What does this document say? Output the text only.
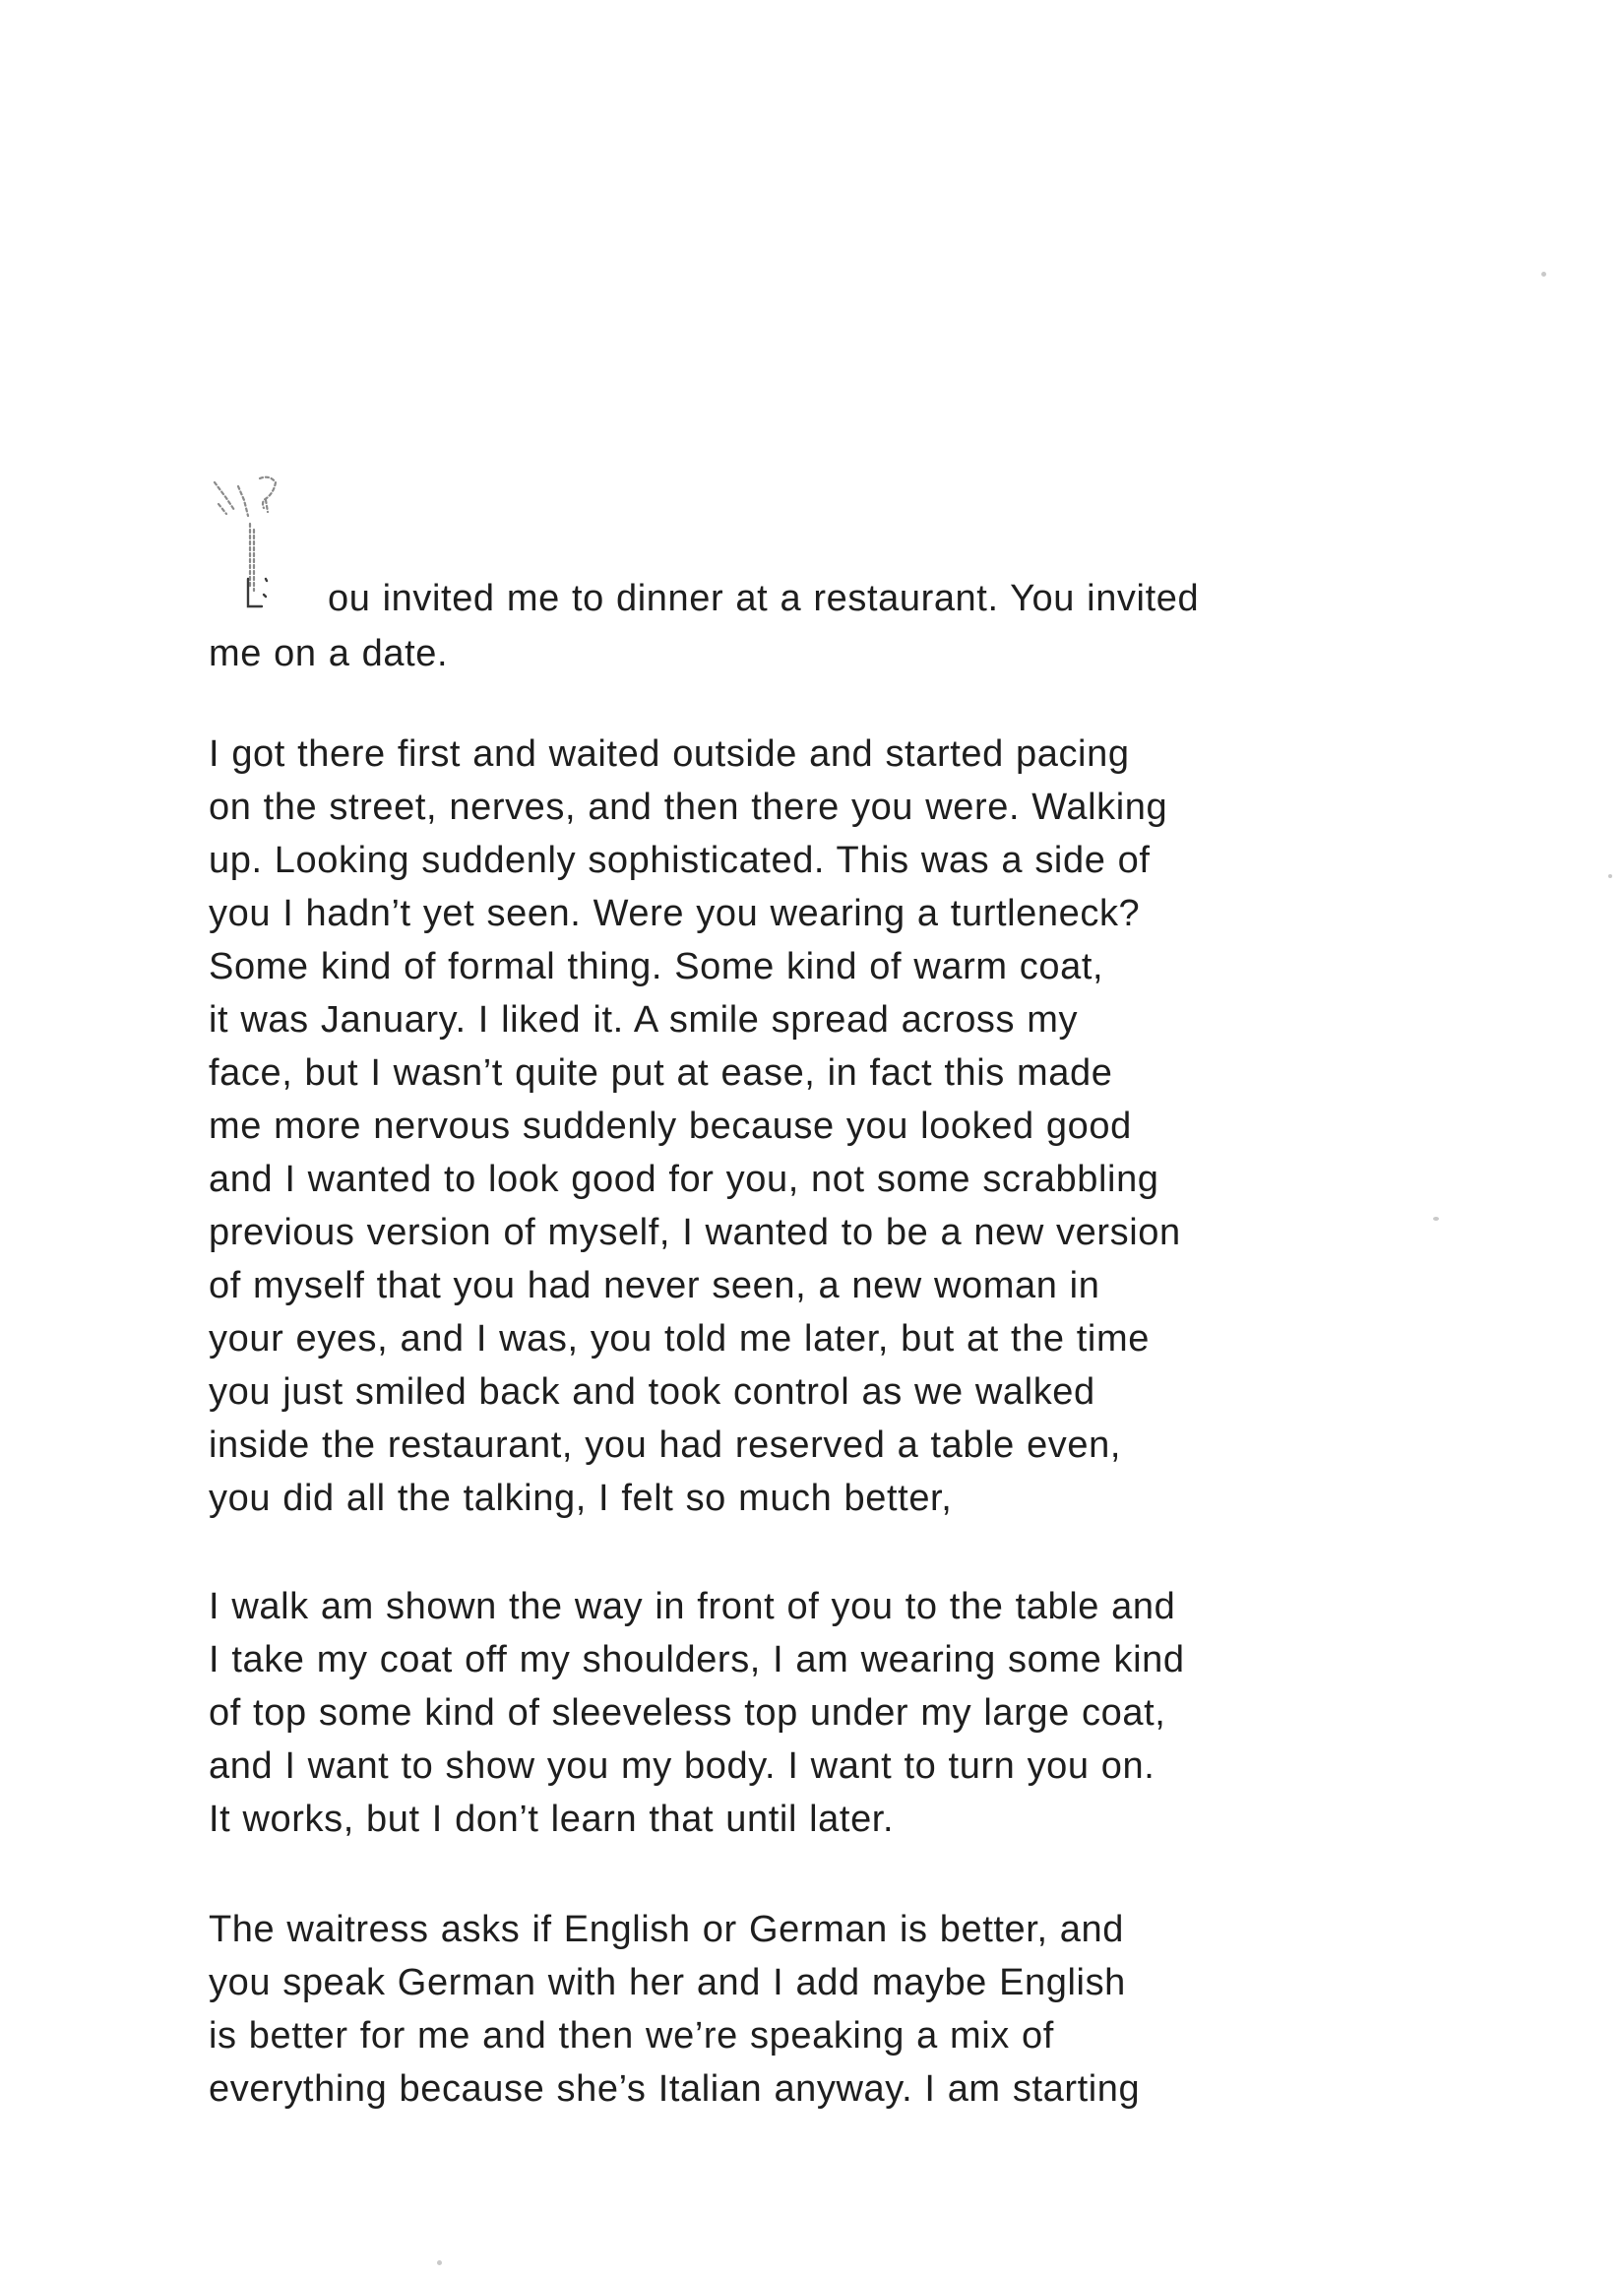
ou invited me to dinner at a restaurant. You invited
me on a date.
I got there first and waited outside and started pacing
on the street, nerves, and then there you were. Walking
up. Looking suddenly sophisticated. This was a side of
you I hadn’t yet seen. Were you wearing a turtleneck?
Some kind of formal thing. Some kind of warm coat,
it was January. I liked it. A smile spread across my
face, but I wasn’t quite put at ease, in fact this made
me more nervous suddenly because you looked good
and I wanted to look good for you, not some scrabbling
previous version of myself, I wanted to be a new version
of myself that you had never seen, a new woman in
your eyes, and I was, you told me later, but at the time
you just smiled back and took control as we walked
inside the restaurant, you had reserved a table even,
you did all the talking, I felt so much better,
I walk am shown the way in front of you to the table and
I take my coat off my shoulders, I am wearing some kind
of top some kind of sleeveless top under my large coat,
and I want to show you my body. I want to turn you on.
It works, but I don’t learn that until later.
The waitress asks if English or German is better, and
you speak German with her and I add maybe English
is better for me and then we’re speaking a mix of
everything because she’s Italian anyway. I am starting
